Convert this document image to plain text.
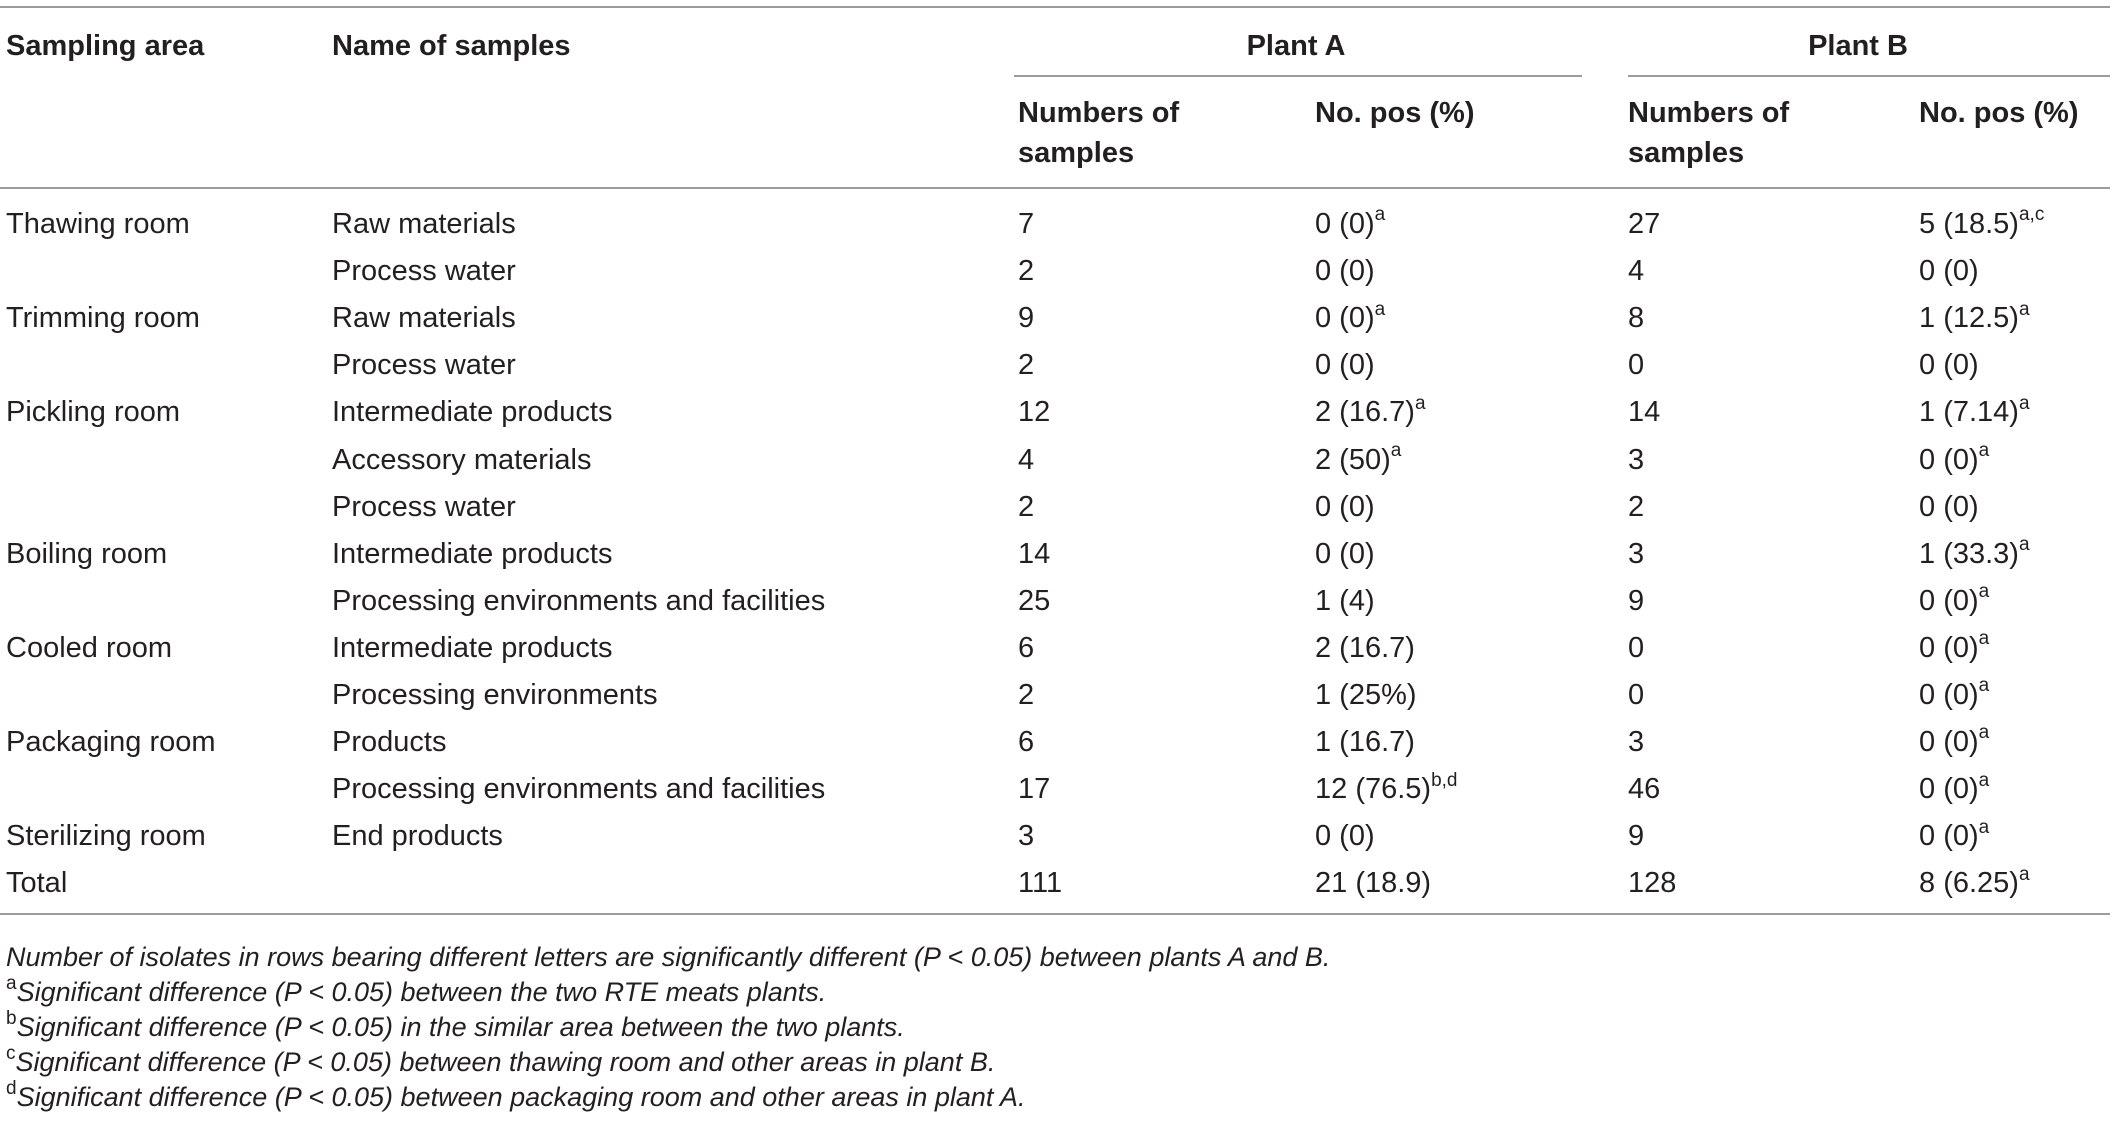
Sampling area	Name of samples	Plant A		Plant B	

		Numbers of samples	No. pos (%)	Numbers of samples	No. pos (%)
Thawing room	Raw materials	7	0 $(0)^a$	27	5 $(18.5)^{a,c}$
	Process water	2	0 (0)	4	0 (0)
Trimming room	Raw materials	9	0 $(0)^a$	8	1 $(12.5)^a$
	Process water	2	0 (0)	0	0 (0)
Pickling room	Intermediate products	12	2 $(16.7)^a$	14	1 $(7.14)^a$
	Accessory materials	4	2 $(50)^a$	3	0 $(0)^a$
	Process water	2	0 (0)	2	0 (0)
Boiling room	Intermediate products	14	0 (0)	3	1 $(33.3)^a$
	Processing environments and facilities	25	1 (4)	9	0 $(0)^a$
Cooled room	Intermediate products	6	2 (16.7)	0	0 $(0)^a$
	Processing environments	2	1 (25%)	0	0 $(0)^a$
Packaging room	Products	6	1 (16.7)	3	0 $(0)^a$
	Processing environments and facilities	17	12 $(76.5)^{b,d}$	46	0 $(0)^a$
Sterilizing room	End products	3	0 (0)	9	0 $(0)^a$
Total		111	21 (18.9)	128	8 $(6.25)^a$
Number of isolates in rows bearing different letters are significantly different (P < 0.05) between plants A and B.
$^a$Significant difference (P < 0.05) between the two RTE meats plants.
$^b$Significant difference (P < 0.05) in the similar area between the two plants.
$^c$Significant difference (P < 0.05) between thawing room and other areas in plant B.
$^d$Significant difference (P < 0.05) between packaging room and other areas in plant A.
